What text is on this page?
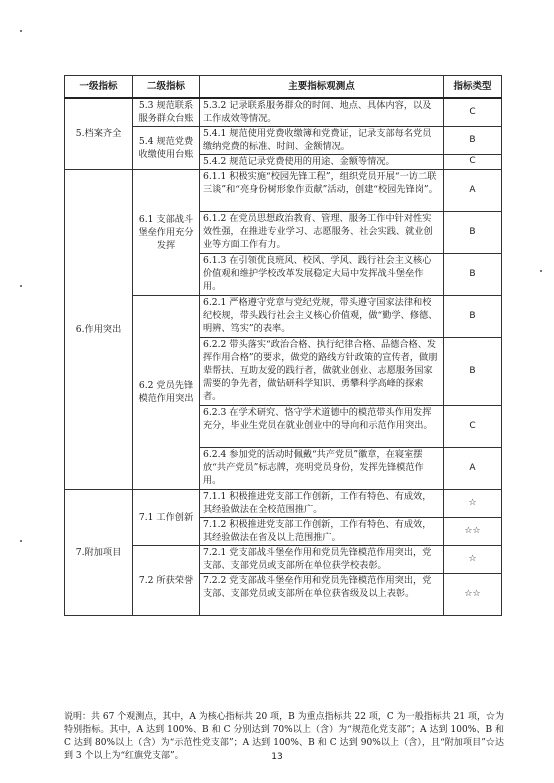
一级指标	二级指标	主要指标观测点	指标类型
5.档案齐全	5.3 规范联系服务群众台账	5.3.2 记录联系服务群众的时间、地点、具体内容，以及工作成效等情况。	C
	5.4 规范党费收缴使用台账	5.4.1 规范使用党费收缴簿和党费证，记录支部每名党员缴纳党费的标准、时间、金额情况。	B
		5.4.2 规范记录党费使用的用途、金额等情况。	C
6.作用突出	6.1 支部战斗堡垒作用充分发挥	6.1.1 积极实施“校园先锋工程”，组织党员开展“一访二联三谈”和“亮身份树形象作贡献”活动，创建“校园先锋岗”。	A
		6.1.2 在党员思想政治教育、管理、服务工作中针对性实效性强，在推进专业学习、志愿服务、社会实践、就业创业等方面工作有力。	B
		6.1.3 在引领优良班风、校风、学风、践行社会主义核心价值观和维护学校改革发展稳定大局中发挥战斗堡垒作用。	B
	6.2 党员先锋模范作用突出	6.2.1 严格遵守党章与党纪党规，带头遵守国家法律和校纪校规，带头践行社会主义核心价值观，做“勤学、修德、明辨、笃实”的表率。	B
		6.2.2 带头落实“政治合格、执行纪律合格、品德合格、发挥作用合格”的要求，做党的路线方针政策的宣传者，做朋辈帮扶、互助友爱的践行者，做就业创业、志愿服务国家需要的争先者，做钻研科学知识、勇攀科学高峰的探索者。	B
		6.2.3 在学术研究、恪守学术道德中的模范带头作用发挥充分，毕业生党员在就业创业中的导向和示范作用突出。	C
		6.2.4 参加党的活动时佩戴“共产党员”徽章，在寝室摆放“共产党员”标志牌，亮明党员身份，发挥先锋模范作用。	A
7.附加项目	7.1 工作创新	7.1.1 积极推进党支部工作创新，工作有特色、有成效，其经验做法在全校范围推广。	☆
		7.1.2 积极推进党支部工作创新，工作有特色、有成效，其经验做法在省及以上范围推广。	☆☆
	7.2 所获荣誉	7.2.1 党支部战斗堡垒作用和党员先锋模范作用突出，党支部、支部党员或支部所在单位获学校表彰。	☆
		7.2.2 党支部战斗堡垒作用和党员先锋模范作用突出，党支部、支部党员或支部所在单位获省级及以上表彰。	☆☆
说明：共 67 个观测点，其中，A 为核心指标共 20 项，B 为重点指标共 22 项，C 为一般指标共 21 项，☆为特别指标。其中，A 达到 100%、B 和 C 分别达到 70%以上（含）为“规范化党支部”；A 达到 100%、B 和 C 达到 80%以上（含）为“示范性党支部”；A 达到 100%、B 和 C 达到 90%以上（含），且“附加项目”☆达到 3 个以上为“红旗党支部”。	13
